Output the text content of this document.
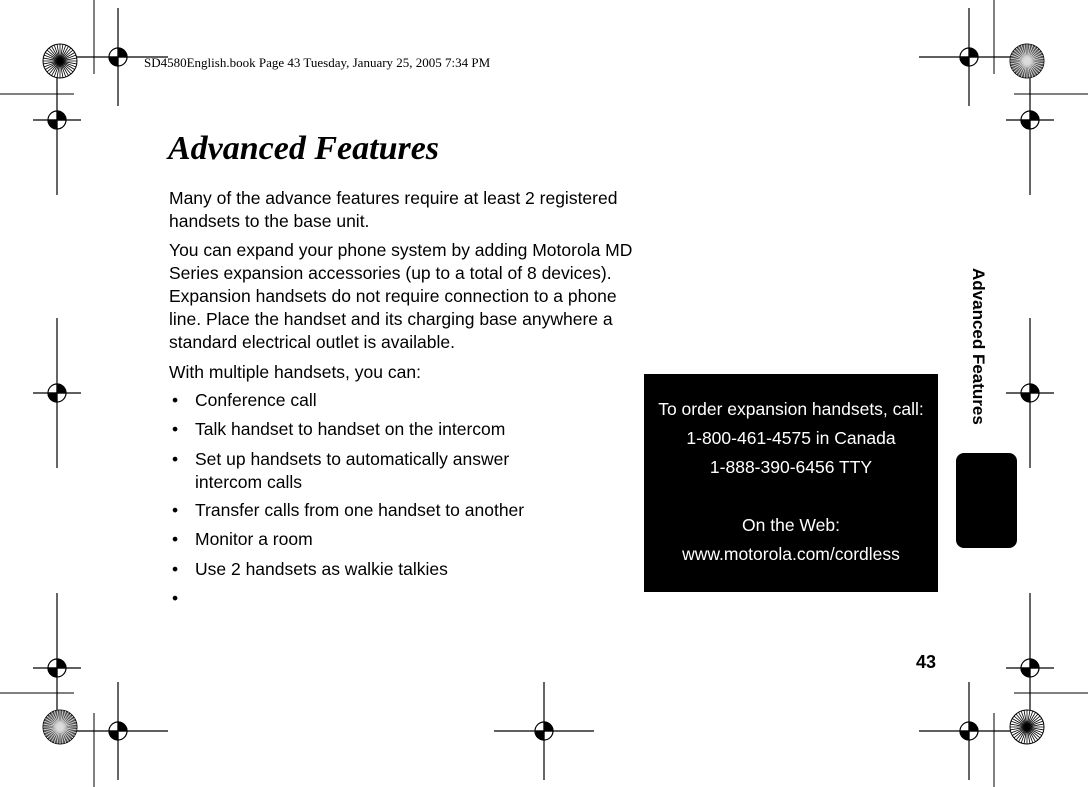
SD4580English.book Page 43 Tuesday, January 25, 2005 7:34 PM
Advanced Features

Many of the advance features require at least 2 registered handsets to the base unit.

You can expand your phone system by adding Motorola MD Series expansion accessories (up to a total of 8 devices). Expansion handsets do not require connection to a phone line. Place the handset and its charging base anywhere a standard electrical outlet is available.

With multiple handsets, you can:

• Conference call
• Talk handset to handset on the intercom
• Set up handsets to automatically answer intercom calls
• Transfer calls from one handset to another
• Monitor a room
• Use 2 handsets as walkie talkies
•
To order expansion handsets, call:
1-800-461-4575 in Canada
1-888-390-6456 TTY
On the Web:
www.motorola.com/cordless
Advanced Features
43
